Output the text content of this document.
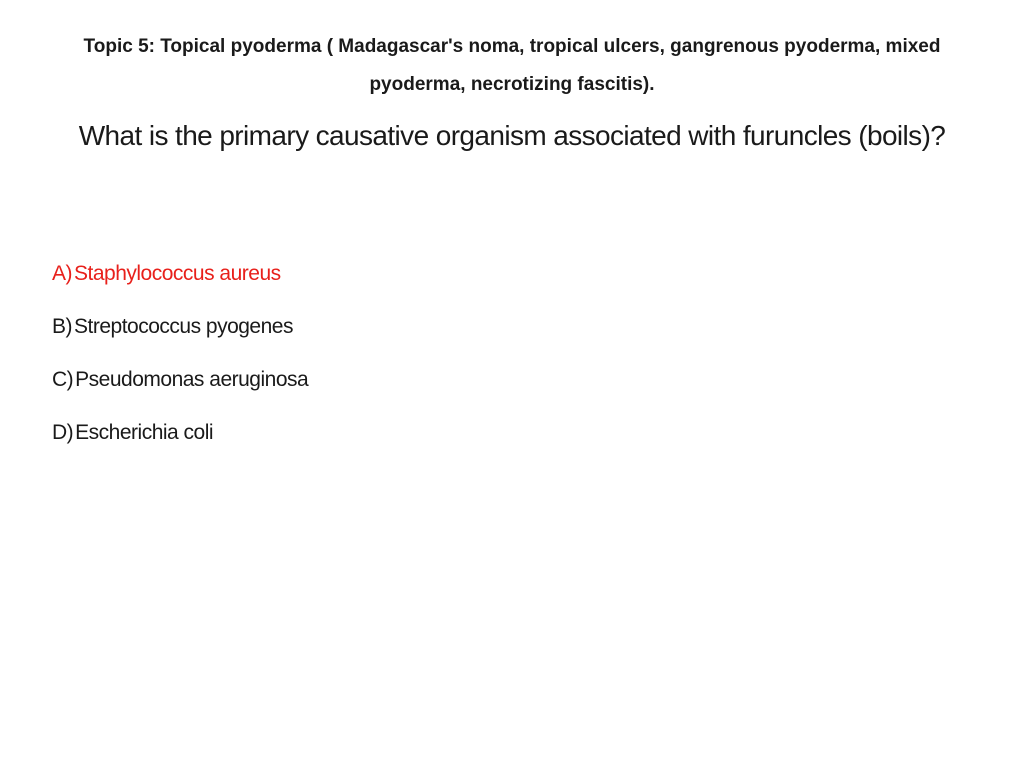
Topic 5: Topical pyoderma ( Madagascar's noma, tropical ulcers, gangrenous pyoderma, mixed pyoderma, necrotizing fascitis).
What is the primary causative organism associated with furuncles (boils)?
A)Staphylococcus aureus
B)Streptococcus pyogenes
C)Pseudomonas aeruginosa
D)Escherichia coli
